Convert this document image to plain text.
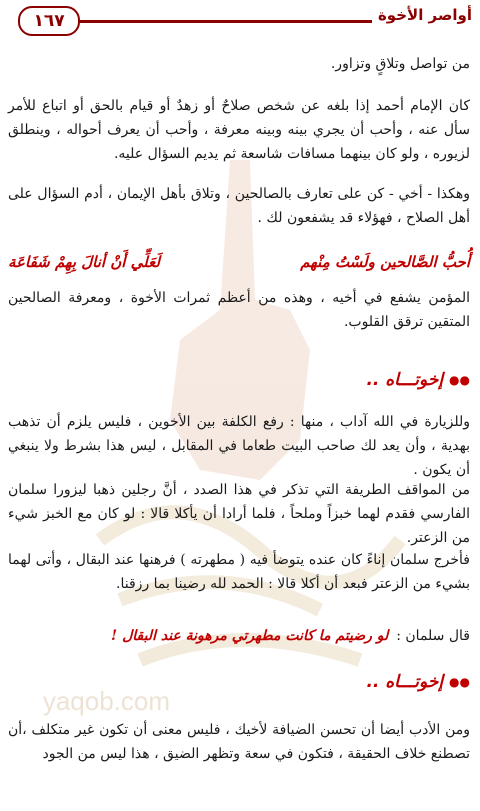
أواصر الأخوة
١٦٧
yaqob.com
من تواصل وتلاقٍ وتزاور.
كان الإمام أحمد إذا بلغه عن شخص صلاحٌ أو زهدٌ أو قيام بالحق أو اتباع للأمر سأل عنه ، وأحب أن يجري بينه وبينه معرفة ، وأحب أن يعرف أحواله ، وينطلق لزيوره ، ولو كان بينهما مسافات شاسعة ثم يديم السؤال عليه.
وهكذا - أخي - كن على تعارف بالصالحين ، وتلاق بأهل الإيمان ، أدم السؤال على أهل الصلاح ، فهؤلاء قد يشفعون لك .
أُحبُّ الصَّالحين ولَسْتُ مِنْهم
لَعَلِّي أَنْ أنالَ بِهِمْ شَفَاعَة
المؤمن يشفع في أخيه ، وهذه من أعظم ثمرات الأخوة ، ومعرفة الصالحين المتقين ترقق القلوب.
●●
إخوتـــاه ..
وللزيارة في الله آداب ، منها : رفع الكلفة بين الأخوين ، فليس يلزم أن تذهب بهدية ، وأن يعد لك صاحب البيت طعاما في المقابل ، ليس هذا بشرط ولا ينبغي أن يكون .
من المواقف الطريفة التي تذكر في هذا الصدد ، أنَّ رجلين ذهبا ليزورا سلمان الفارسي فقدم لهما خبزاً وملحاً ، فلما أرادا أن يأكلا قالا : لو كان مع الخبز شيء من الزعتر.
فأخرج سلمان إناءً كان عنده يتوضأ فيه ( مطهرته ) فرهنها عند البقال ، وأتى لهما بشيء من الزعتر فبعد أن أكلا قالا : الحمد لله رضينا بما رزقنا.
قال سلمان :
لو رضيتم ما كانت مطهرتي مرهونة عند البقال !
●●
إخوتـــاه ..
ومن الأدب أيضا أن تحسن الضيافة لأخيك ، فليس معنى أن تكون غير متكلف ،أن تصطنع خلاف الحقيقة ، فتكون في سعة وتظهر الضيق ، هذا ليس من الجود
